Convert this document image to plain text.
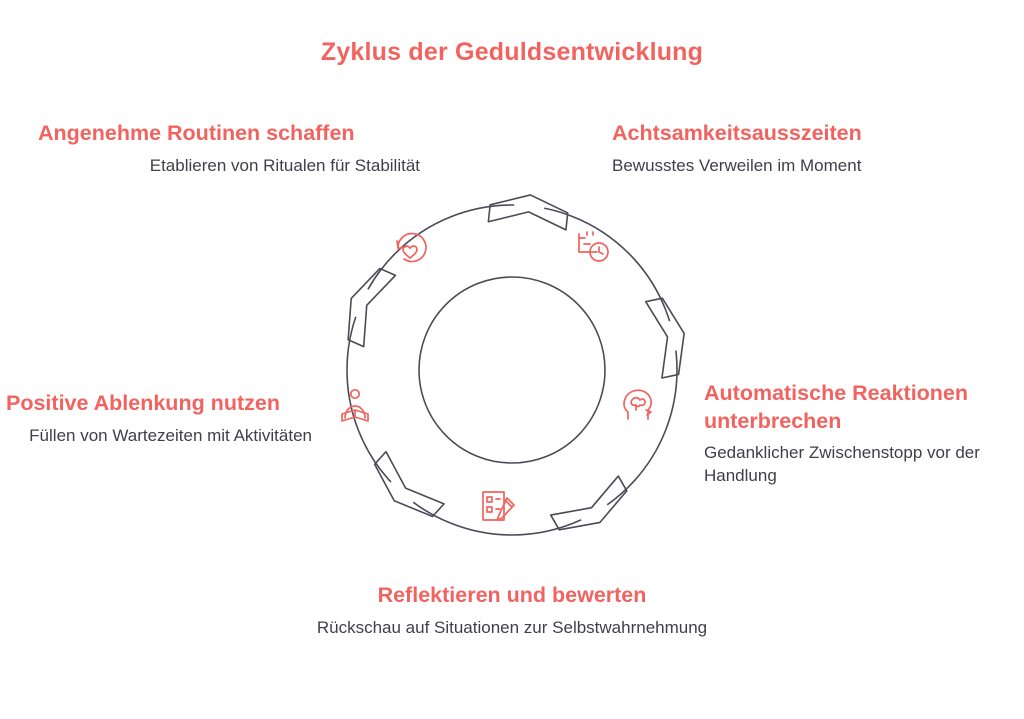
Zyklus der Geduldsentwicklung

Angenehme Routinen schaffen

Etablieren von Ritualen für Stabilität

Achtsamkeitsausszeiten

Bewusstes Verweilen im Moment

Positive Ablenkung nutzen

Füllen von Wartezeiten mit Aktivitäten

Automatische Reaktionen unterbrechen

Gedanklicher Zwischenstopp vor der Handlung

Reflektieren und bewerten

Rückschau auf Situationen zur Selbstwahrnehmung
